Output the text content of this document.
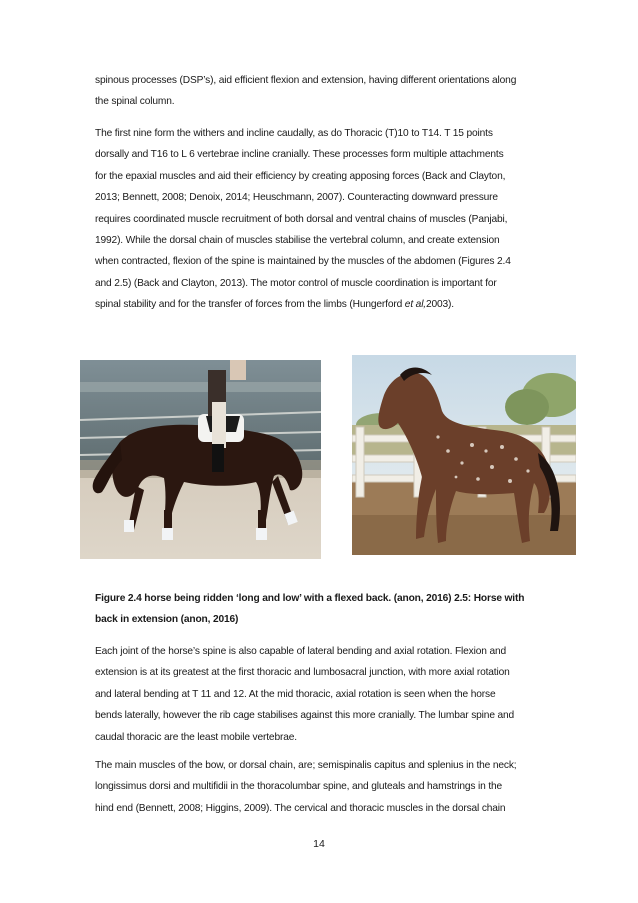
spinous processes (DSP’s), aid efficient flexion and extension, having different orientations along
the spinal column.

The first nine form the withers and incline caudally, as do Thoracic (T)10 to T14. T 15 points
dorsally and T16 to L 6 vertebrae incline cranially. These processes form multiple attachments
for the epaxial muscles and aid their efficiency by creating apposing forces (Back and Clayton,
2013; Bennett, 2008; Denoix, 2014; Heuschmann, 2007). Counteracting downward pressure
requires coordinated muscle recruitment of both dorsal and ventral chains of muscles (Panjabi,
1992). While the dorsal chain of muscles stabilise the vertebral column, and create extension
when contracted, flexion of the spine is maintained by the muscles of the abdomen (Figures 2.4
and 2.5) (Back and Clayton, 2013). The motor control of muscle coordination is important for
spinal stability and for the transfer of forces from the limbs (Hungerford et al,2003).

Figure 2.4 horse being ridden ‘long and low’ with a flexed back. (anon, 2016) 2.5: Horse with
back in extension (anon, 2016)

Each joint of the horse’s spine is also capable of lateral bending and axial rotation. Flexion and
extension is at its greatest at the first thoracic and lumbosacral junction, with more axial rotation
and lateral bending at T 11 and 12. At the mid thoracic, axial rotation is seen when the horse
bends laterally, however the rib cage stabilises against this more cranially. The lumbar spine and
caudal thoracic are the least mobile vertebrae.

The main muscles of the bow, or dorsal chain, are; semispinalis capitus and splenius in the neck;
longissimus dorsi and multifidii in the thoracolumbar spine, and gluteals and hamstrings in the
hind end (Bennett, 2008; Higgins, 2009). The cervical and thoracic muscles in the dorsal chain

14
